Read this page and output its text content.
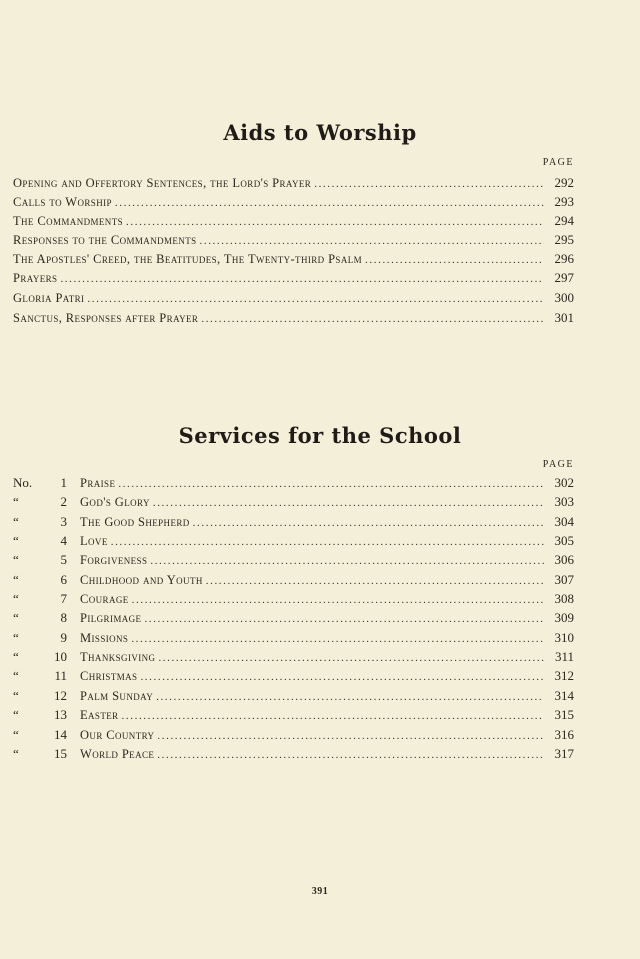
Aids to Worship
PAGE
Opening and Offertory Sentences, the Lord's Prayer .....	292
Calls to Worship .....	293
The Commandments .....	294
Responses to the Commandments .....	295
The Apostles' Creed, the Beatitudes, The Twenty-third Psalm .....	296
Prayers .....	297
Gloria Patri .....	300
Sanctus, Responses after Prayer .....	301
Services for the School
PAGE
No.	1 Praise .....	302
“	2 God's Glory .....	303
“	3 The Good Shepherd .....	304
“	4 Love .....	305
“	5 Forgiveness .....	306
“	6 Childhood and Youth .....	307
“	7 Courage .....	308
“	8 Pilgrimage .....	309
“	9 Missions .....	310
“	10 Thanksgiving .....	311
“	11 Christmas .....	312
“	12 Palm Sunday .....	314
“	13 Easter .....	315
“	14 Our Country .....	316
“	15 World Peace .....	317
391
